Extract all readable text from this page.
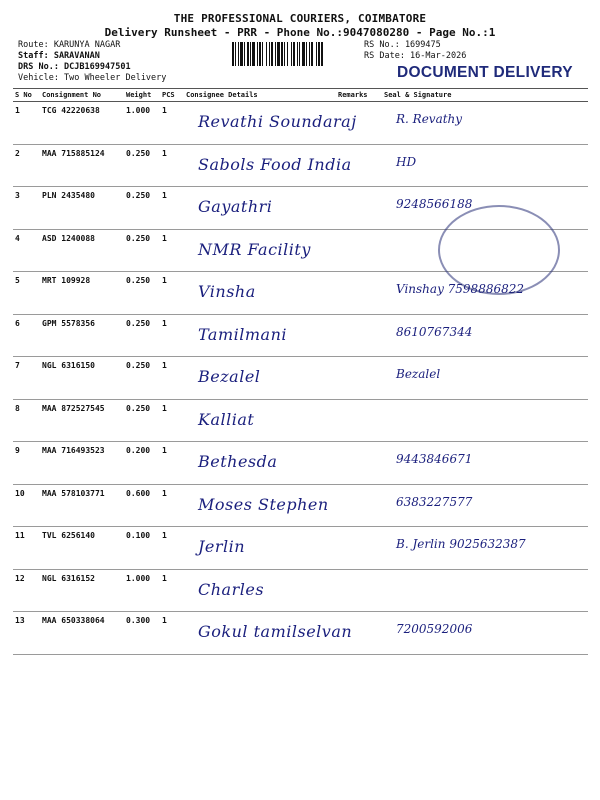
THE PROFESSIONAL COURIERS, COIMBATORE
Delivery Runsheet - PRR - Phone No.:9047080280 - Page No.:1
Route: KARUNYA NAGAR
Staff: SARAVANAN
DRS No.: DCJB169947501
Vehicle: Two Wheeler Delivery
RS No.: 1699475
RS Date: 16-Mar-2026
DOCUMENT DELIVERY
S No	Consignment No	Weight	PCS	Consignee Details	Remarks	Seal & Signature
1	TCG 42220638	1.000	1	Revathi Soundaraj		R. Revathy

2	MAA 715885124	0.250	1	Sabols Food India		HD

3	PLN 2435480	0.250	1	Gayathri		9248566188

4	ASD 1240088	0.250	1	NMR Facility		

5	MRT 109928	0.250	1	Vinsha		Vinshay 7598886822

6	GPM 5578356	0.250	1	Tamilmani		8610767344

7	NGL 6316150	0.250	1	Bezalel		Bezalel

8	MAA 872527545	0.250	1	Kalliat		

9	MAA 716493523	0.200	1	Bethesda		9443846671

10	MAA 578103771	0.600	1	Moses Stephen		6383227577

11	TVL 6256140	0.100	1	Jerlin		B. Jerlin 9025632387

12	NGL 6316152	1.000	1	Charles		

13	MAA 650338064	0.300	1	Gokul tamilselvan		7200592006
